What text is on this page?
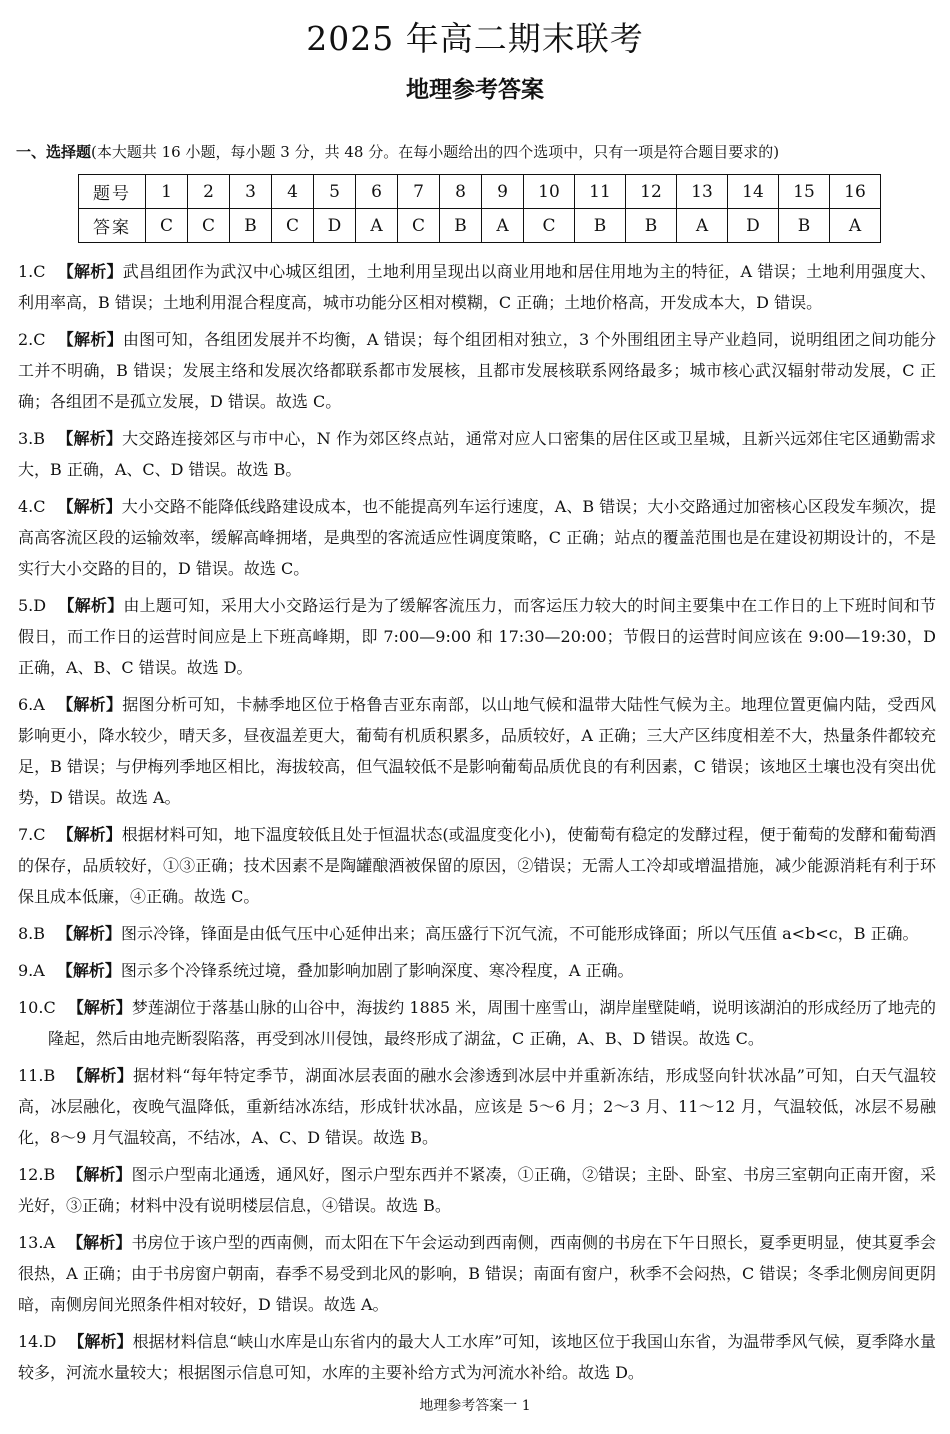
2025 年高二期末联考
地理参考答案
一、选择题(本大题共 16 小题，每小题 3 分，共 48 分。在每小题给出的四个选项中，只有一项是符合题目要求的)
题号	1	2	3	4	5	6	7	8	9	10	11	12	13	14	15	16
答案	C	C	B	C	D	A	C	B	A	C	B	B	A	D	B	A
1.C 【解析】武昌组团作为武汉中心城区组团，土地利用呈现出以商业用地和居住用地为主的特征，A 错误；土地利用强度大、利用率高，B 错误；土地利用混合程度高，城市功能分区相对模糊，C 正确；土地价格高，开发成本大，D 错误。
2.C 【解析】由图可知，各组团发展并不均衡，A 错误；每个组团相对独立，3 个外围组团主导产业趋同，说明组团之间功能分工并不明确，B 错误；发展主络和发展次络都联系都市发展核，且都市发展核联系网络最多；城市核心武汉辐射带动发展，C 正确；各组团不是孤立发展，D 错误。故选 C。
3.B 【解析】大交路连接郊区与市中心，N 作为郊区终点站，通常对应人口密集的居住区或卫星城，且新兴远郊住宅区通勤需求大，B 正确，A、C、D 错误。故选 B。
4.C 【解析】大小交路不能降低线路建设成本，也不能提高列车运行速度，A、B 错误；大小交路通过加密核心区段发车频次，提高高客流区段的运输效率，缓解高峰拥堵，是典型的客流适应性调度策略，C 正确；站点的覆盖范围也是在建设初期设计的，不是实行大小交路的目的，D 错误。故选 C。
5.D 【解析】由上题可知，采用大小交路运行是为了缓解客流压力，而客运压力较大的时间主要集中在工作日的上下班时间和节假日，而工作日的运营时间应是上下班高峰期，即 7:00—9:00 和 17:30—20:00；节假日的运营时间应该在 9:00—19:30，D 正确，A、B、C 错误。故选 D。
6.A 【解析】据图分析可知，卡赫季地区位于格鲁吉亚东南部，以山地气候和温带大陆性气候为主。地理位置更偏内陆，受西风影响更小，降水较少，晴天多，昼夜温差更大，葡萄有机质积累多，品质较好，A 正确；三大产区纬度相差不大，热量条件都较充足，B 错误；与伊梅列季地区相比，海拔较高，但气温较低不是影响葡萄品质优良的有利因素，C 错误；该地区土壤也没有突出优势，D 错误。故选 A。
7.C 【解析】根据材料可知，地下温度较低且处于恒温状态(或温度变化小)，使葡萄有稳定的发酵过程，便于葡萄的发酵和葡萄酒的保存，品质较好，①③正确；技术因素不是陶罐酿酒被保留的原因，②错误；无需人工冷却或增温措施，减少能源消耗有利于环保且成本低廉，④正确。故选 C。
8.B 【解析】图示冷锋，锋面是由低气压中心延伸出来；高压盛行下沉气流，不可能形成锋面；所以气压值 a<b<c，B 正确。
9.A 【解析】图示多个冷锋系统过境，叠加影响加剧了影响深度、寒冷程度，A 正确。
10.C 【解析】梦莲湖位于落基山脉的山谷中，海拔约 1885 米，周围十座雪山，湖岸崖壁陡峭，说明该湖泊的形成经历了地壳的隆起，然后由地壳断裂陷落，再受到冰川侵蚀，最终形成了湖盆，C 正确，A、B、D 错误。故选 C。
11.B 【解析】据材料“每年特定季节，湖面冰层表面的融水会渗透到冰层中并重新冻结，形成竖向针状冰晶”可知，白天气温较高，冰层融化，夜晚气温降低，重新结冰冻结，形成针状冰晶，应该是 5～6 月；2～3 月、11～12 月，气温较低，冰层不易融化，8～9 月气温较高，不结冰，A、C、D 错误。故选 B。
12.B 【解析】图示户型南北通透，通风好，图示户型东西并不紧凑，①正确，②错误；主卧、卧室、书房三室朝向正南开窗，采光好，③正确；材料中没有说明楼层信息，④错误。故选 B。
13.A 【解析】书房位于该户型的西南侧，而太阳在下午会运动到西南侧，西南侧的书房在下午日照长，夏季更明显，使其夏季会很热，A 正确；由于书房窗户朝南，春季不易受到北风的影响，B 错误；南面有窗户，秋季不会闷热，C 错误；冬季北侧房间更阴暗，南侧房间光照条件相对较好，D 错误。故选 A。
14.D 【解析】根据材料信息“峡山水库是山东省内的最大人工水库”可知，该地区位于我国山东省，为温带季风气候，夏季降水量较多，河流水量较大；根据图示信息可知，水库的主要补给方式为河流水补给。故选 D。
地理参考答案一 1
